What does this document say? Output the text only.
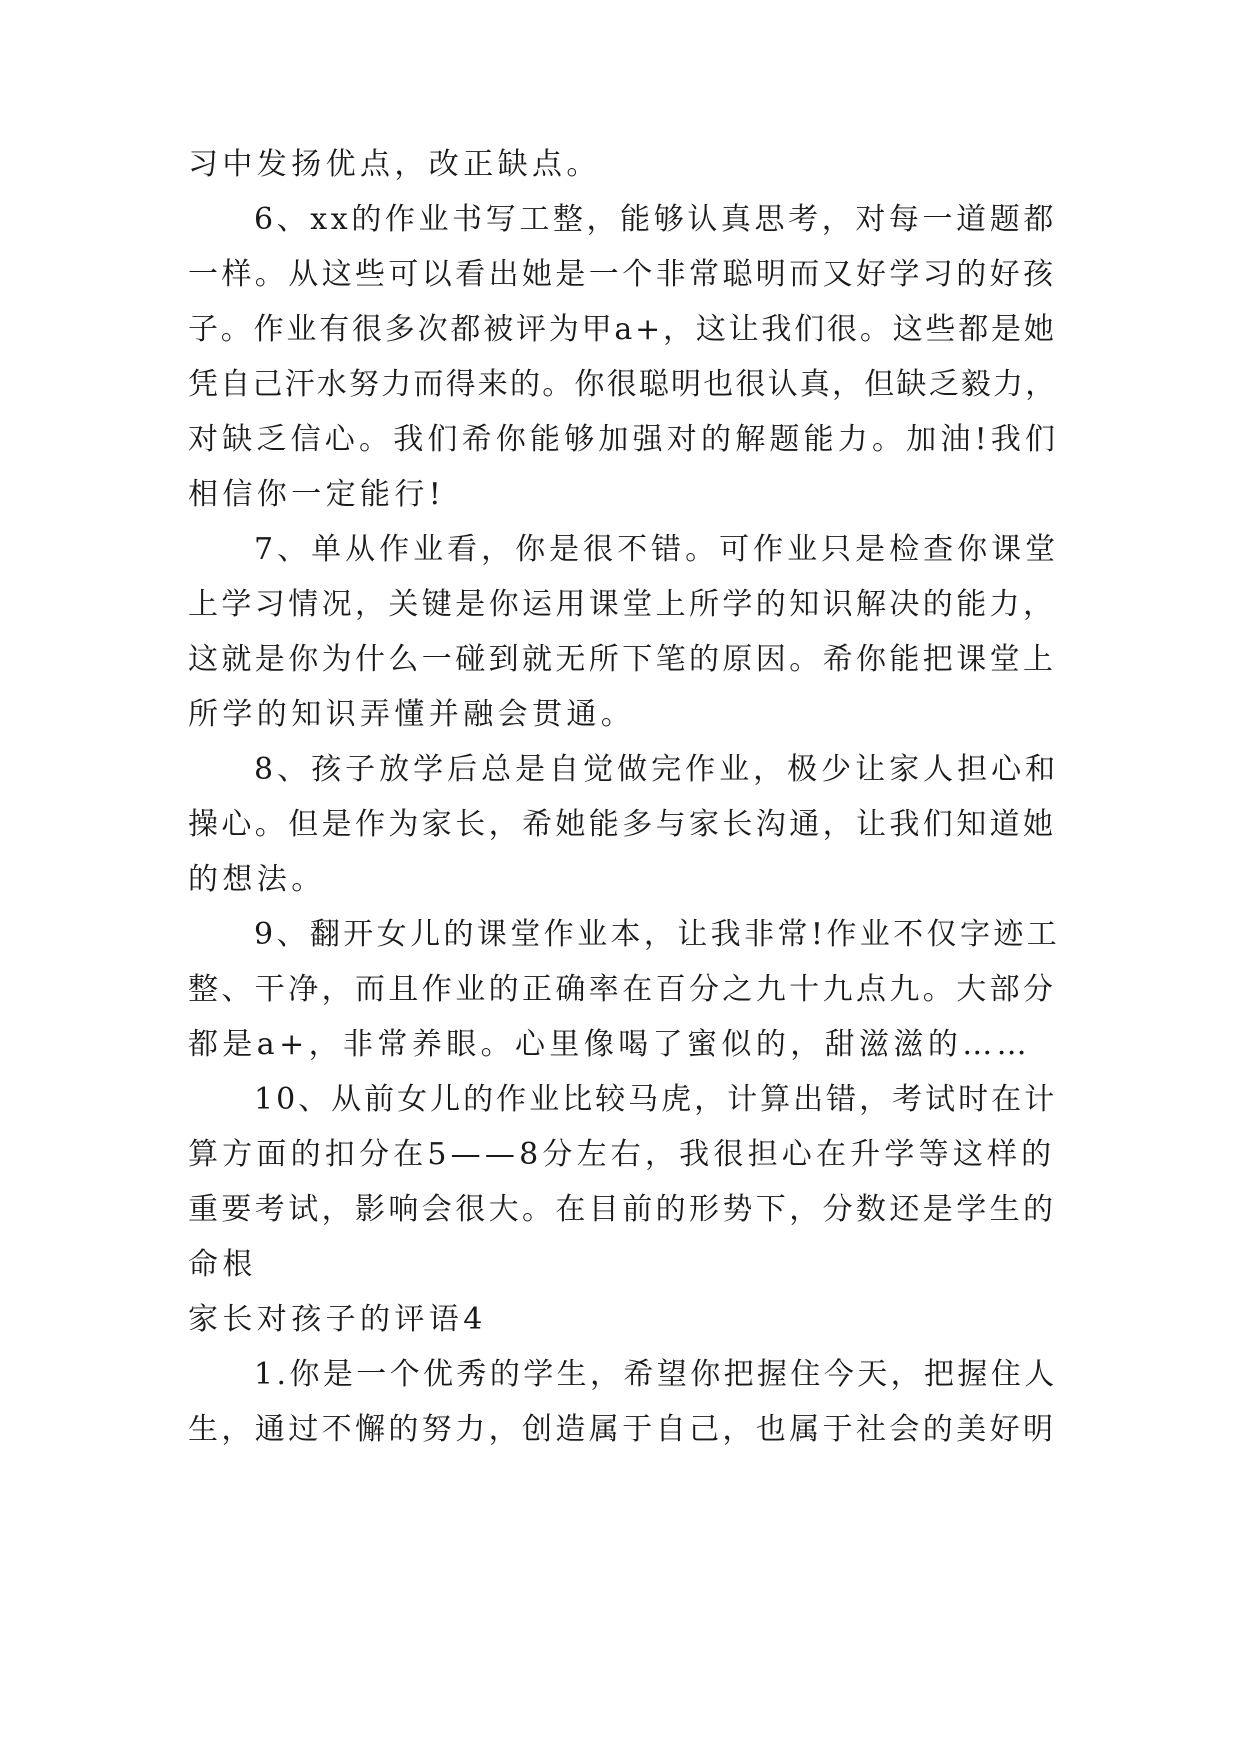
习中发扬优点，改正缺点。
6、xx的作业书写工整，能够认真思考，对每一道题都
一样。从这些可以看出她是一个非常聪明而又好学习的好孩
子。作业有很多次都被评为甲a+，这让我们很。这些都是她
凭自己汗水努力而得来的。你很聪明也很认真，但缺乏毅力，
对缺乏信心。我们希你能够加强对的解题能力。加油!我们
相信你一定能行!
7、单从作业看，你是很不错。可作业只是检查你课堂
上学习情况，关键是你运用课堂上所学的知识解决的能力，
这就是你为什么一碰到就无所下笔的原因。希你能把课堂上
所学的知识弄懂并融会贯通。
8、孩子放学后总是自觉做完作业，极少让家人担心和
操心。但是作为家长，希她能多与家长沟通，让我们知道她
的想法。
9、翻开女儿的课堂作业本，让我非常!作业不仅字迹工
整、干净，而且作业的正确率在百分之九十九点九。大部分
都是a+，非常养眼。心里像喝了蜜似的，甜滋滋的……
10、从前女儿的作业比较马虎，计算出错，考试时在计
算方面的扣分在5——8分左右，我很担心在升学等这样的
重要考试，影响会很大。在目前的形势下，分数还是学生的
命根
家长对孩子的评语4
1.你是一个优秀的学生，希望你把握住今天，把握住人
生，通过不懈的努力，创造属于自己，也属于社会的美好明
